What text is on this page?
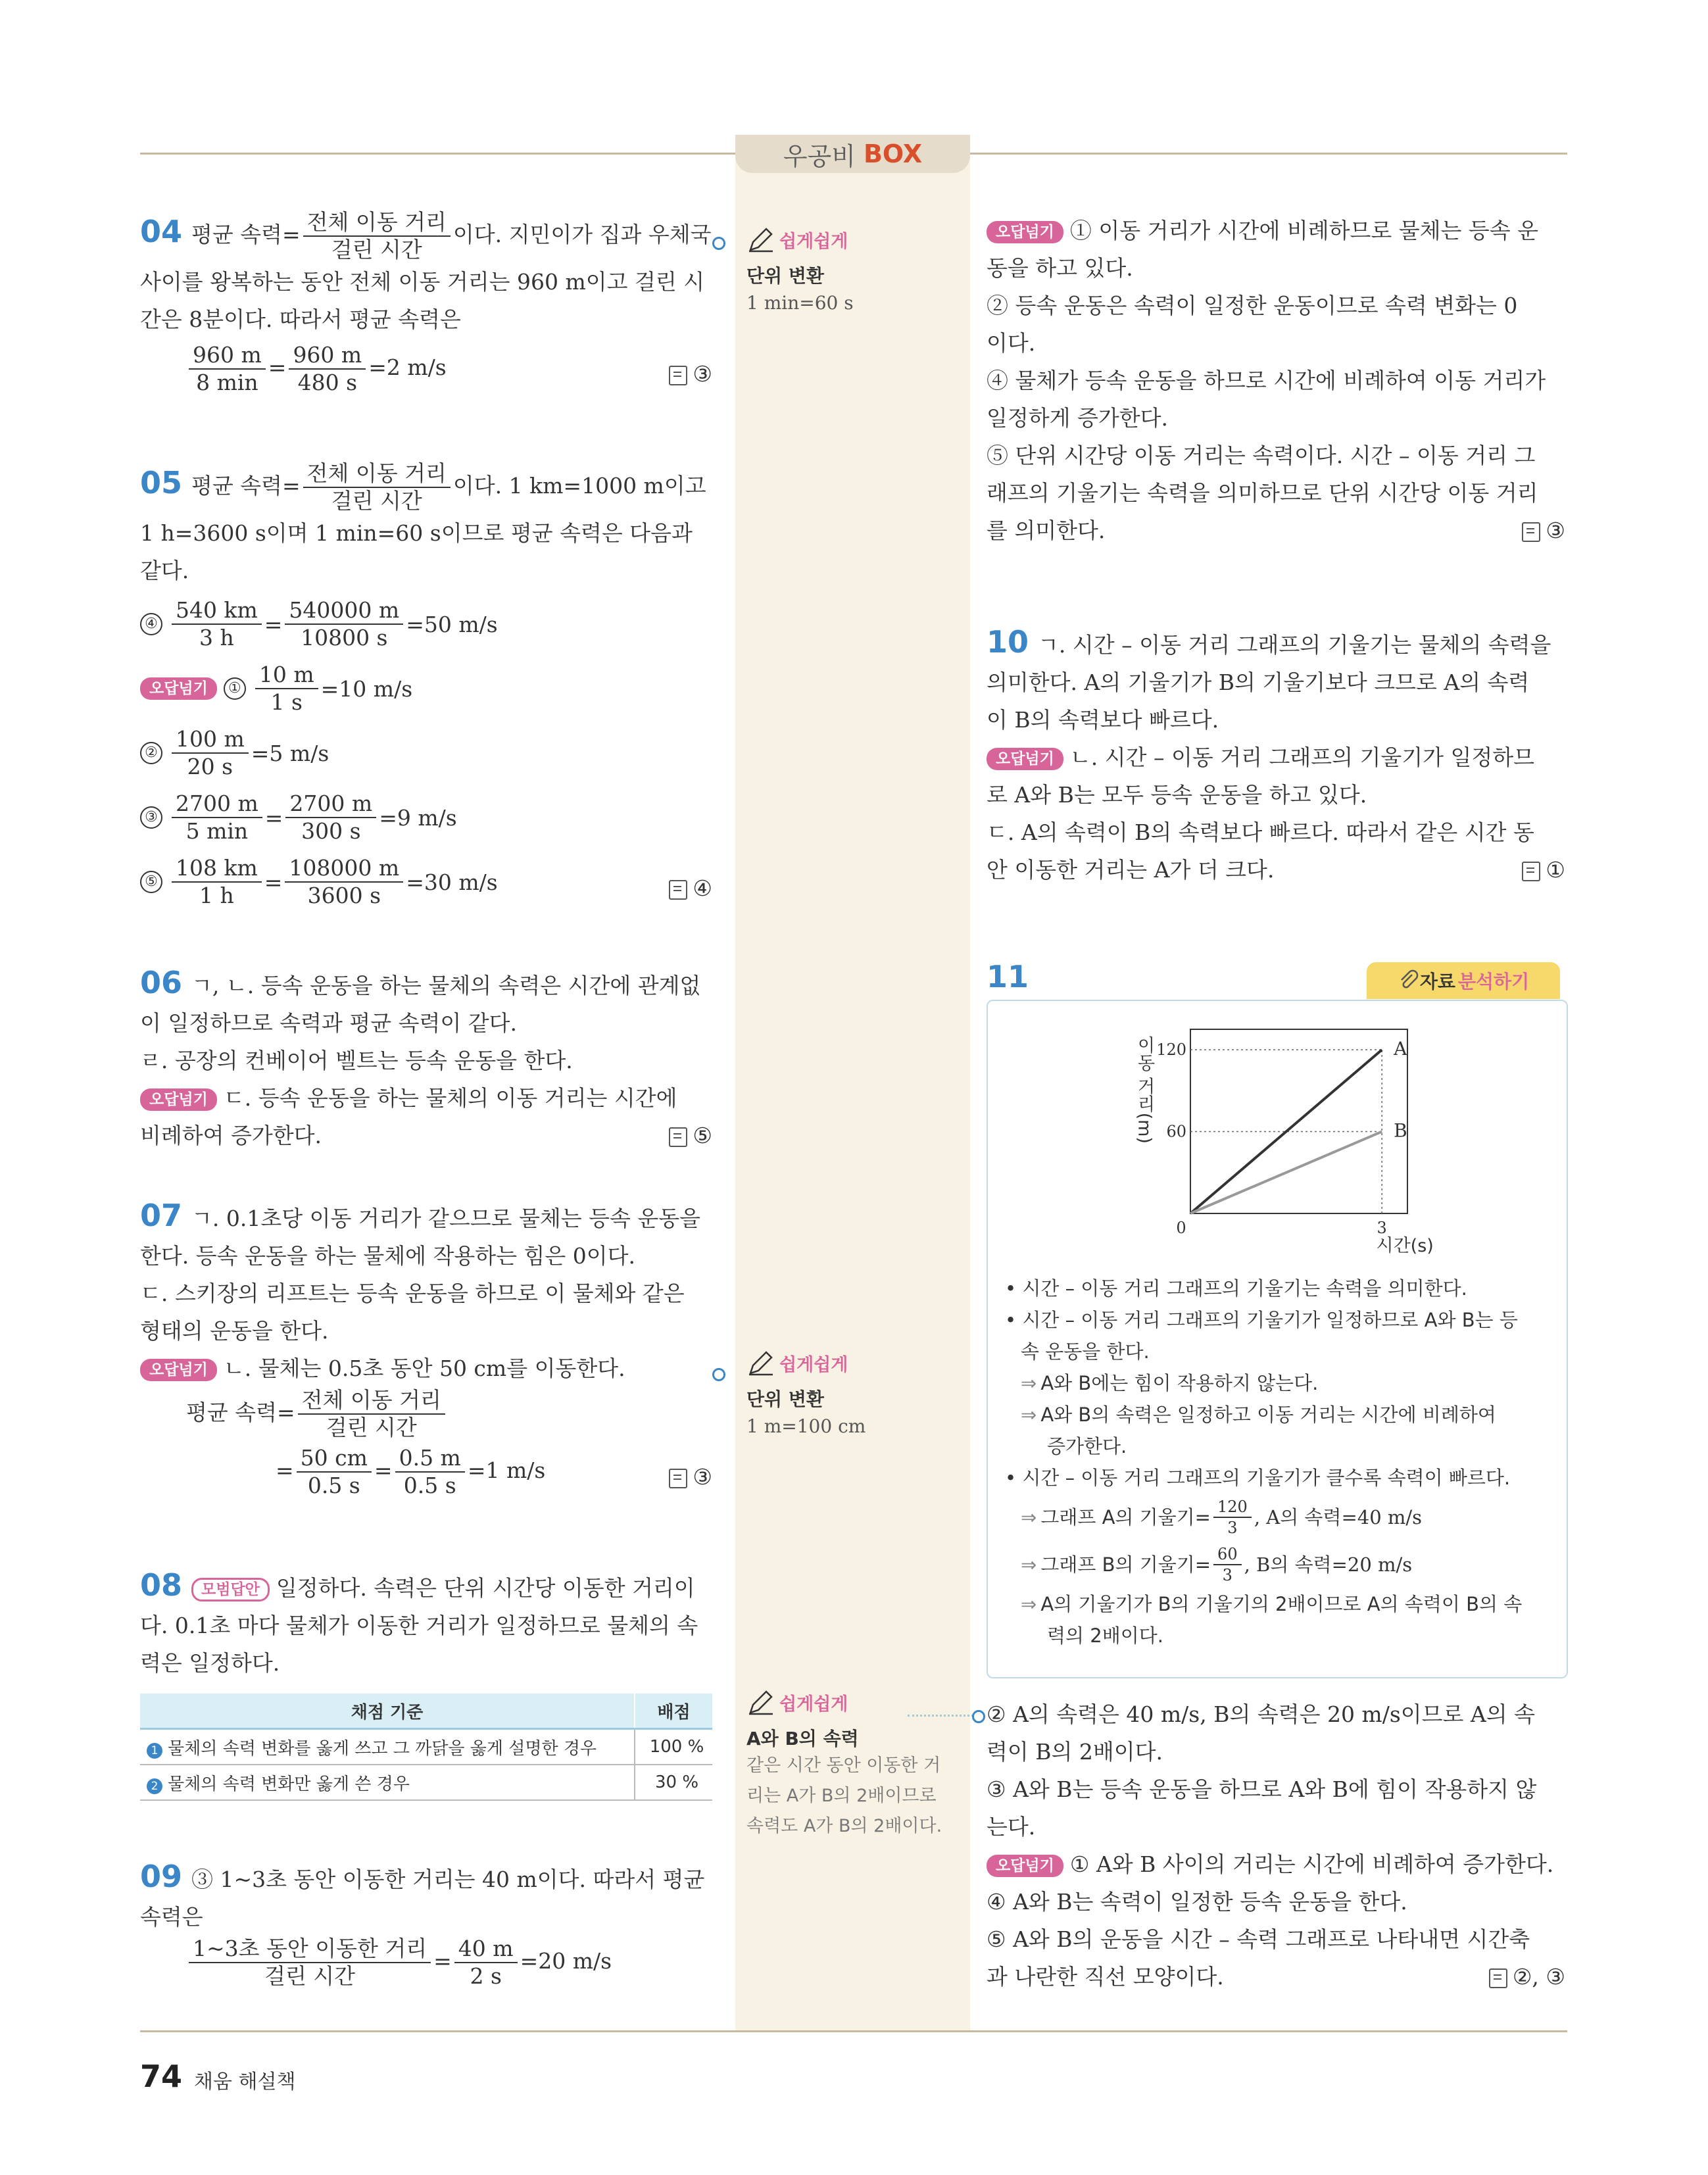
우공비 BOX
04 평균 속력= $\frac{\text{전체 이동 거리}}{\text{걸린 시간}}$ 이다. 지민이가 집과 우체국
사이를 왕복하는 동안 전체 이동 거리는 960 m이고 걸린 시
간은 8분이다. 따라서 평균 속력은
$\frac{960 m}{8 \min} = \frac{960 m}{480 s} =2$ m/s	③
05 평균 속력= $\frac{\text{전체 이동 거리}}{\text{걸린 시간}}$ 이다. 1 km=1000 m이고
1 h=3600 s이며 1 min=60 s이므로 평균 속력은 다음과
같다.
④ $\frac{540 km}{3 h} = \frac{540000 m}{10800 s} =50$ m/s
오답넘기	① $\frac{10 m}{1 s} =10$ m/s
② $\frac{100 m}{20 s} =5$ m/s
③ $\frac{2700 m}{5 \min} = \frac{2700 m}{300 s} =9$ m/s
⑤ $\frac{108 km}{1 h} = \frac{108000 m}{3600 s} =30$ m/s	④
06 ㄱ, ㄴ. 등속 운동을 하는 물체의 속력은 시간에 관계없
이 일정하므로 속력과 평균 속력이 같다.
ㄹ. 공장의 컨베이어 벨트는 등속 운동을 한다.
오답넘기 ㄷ. 등속 운동을 하는 물체의 이동 거리는 시간에
비례하여 증가한다.	⑤
07 ㄱ. 0.1초당 이동 거리가 같으므로 물체는 등속 운동을
한다. 등속 운동을 하는 물체에 작용하는 힘은 0이다.
ㄷ. 스키장의 리프트는 등속 운동을 하므로 이 물체와 같은
형태의 운동을 한다.
오답넘기 ㄴ. 물체는 0.5초 동안 50 cm를 이동한다.
평균 속력= $\frac{\text{전체 이동 거리}}{\text{걸린 시간}}$
= $\frac{50 cm}{0.5 s} = \frac{0.5 m}{0.5 s} =1$ m/s	③
08 모범답안 일정하다. 속력은 단위 시간당 이동한 거리이
다. 0.1초 마다 물체가 이동한 거리가 일정하므로 물체의 속
력은 일정하다.
채점 기준	배점
1 물체의 속력 변화를 옳게 쓰고 그 까닭을 옳게 설명한 경우	100 %
2 물체의 속력 변화만 옳게 쓴 경우	30 %
09 ③ 1~3초 동안 이동한 거리는 40 m이다. 따라서 평균
속력은
$\frac{\text{1\textasciitilde{}3초 동안 이동한 거리}}{\text{걸린 시간}} = \frac{40 m}{2 s} =20$ m/s
쉽게쉽게
단위 변환
1 min=60 s
쉽게쉽게
단위 변환
1 m=100 cm
쉽게쉽게
A와 B의 속력
같은 시간 동안 이동한 거
리는 A가 B의 2배이므로
속력도 A가 B의 2배이다.
오답넘기 ① 이동 거리가 시간에 비례하므로 물체는 등속 운
동을 하고 있다.
② 등속 운동은 속력이 일정한 운동이므로 속력 변화는 0
이다.
④ 물체가 등속 운동을 하므로 시간에 비례하여 이동 거리가
일정하게 증가한다.
⑤ 단위 시간당 이동 거리는 속력이다. 시간 – 이동 거리 그
래프의 기울기는 속력을 의미하므로 단위 시간당 이동 거리
를 의미한다.	③
10 ㄱ. 시간 – 이동 거리 그래프의 기울기는 물체의 속력을
의미한다. A의 기울기가 B의 기울기보다 크므로 A의 속력
이 B의 속력보다 빠르다.
오답넘기 ㄴ. 시간 – 이동 거리 그래프의 기울기가 일정하므
로 A와 B는 모두 등속 운동을 하고 있다.
ㄷ. A의 속력이 B의 속력보다 빠르다. 따라서 같은 시간 동
안 이동한 거리는 A가 더 크다.	①
11	자료 분석하기
60
120
0	3
A
B
시간(s)
이동 거리(m)
• 시간 – 이동 거리 그래프의 기울기는 속력을 의미한다.
• 시간 – 이동 거리 그래프의 기울기가 일정하므로 A와 B는 등
속 운동을 한다.
⇒ A와 B에는 힘이 작용하지 않는다.
⇒ A와 B의 속력은 일정하고 이동 거리는 시간에 비례하여
증가한다.
• 시간 – 이동 거리 그래프의 기울기가 클수록 속력이 빠르다.
⇒ 그래프 A의 기울기= $\frac{120}{3}$ , A의 속력=40 m/s
⇒ 그래프 B의 기울기= $\frac{60}{3}$ , B의 속력=20 m/s
⇒ A의 기울기가 B의 기울기의 2배이므로 A의 속력이 B의 속
력의 2배이다.
② A의 속력은 40 m/s, B의 속력은 20 m/s이므로 A의 속
력이 B의 2배이다.
③ A와 B는 등속 운동을 하므로 A와 B에 힘이 작용하지 않
는다.
오답넘기 ① A와 B 사이의 거리는 시간에 비례하여 증가한다.
④ A와 B는 속력이 일정한 등속 운동을 한다.
⑤ A와 B의 운동을 시간 – 속력 그래프로 나타내면 시간축
과 나란한 직선 모양이다.	②, ③
74 채움 해설책
